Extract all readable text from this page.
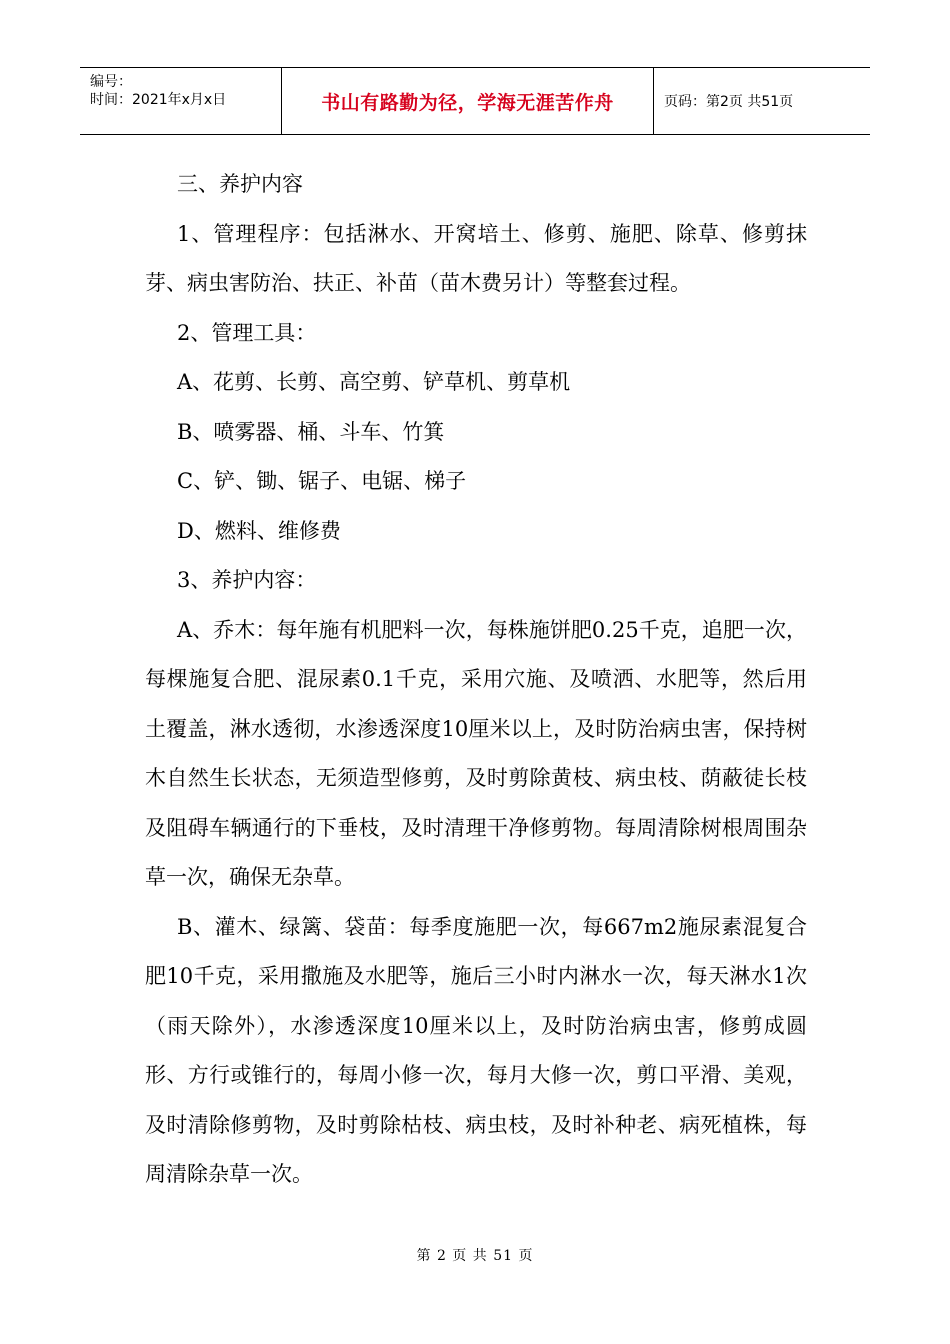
编号：
时间：2021年x月x日	书山有路勤为径，学海无涯苦作舟	页码：第2页 共51页

三、养护内容

1、管理程序：包括淋水、开窝培土、修剪、施肥、除草、修剪抹芽、病虫害防治、扶正、补苗（苗木费另计）等整套过程。

2、管理工具：

A、花剪、长剪、高空剪、铲草机、剪草机

B、喷雾器、桶、斗车、竹箕

C、铲、锄、锯子、电锯、梯子

D、燃料、维修费

3、养护内容：

A、乔木：每年施有机肥料一次，每株施饼肥0.25千克，追肥一次，每棵施复合肥、混尿素0.1千克，采用穴施、及喷洒、水肥等，然后用土覆盖，淋水透彻，水渗透深度10厘米以上，及时防治病虫害，保持树木自然生长状态，无须造型修剪，及时剪除黄枝、病虫枝、荫蔽徒长枝及阻碍车辆通行的下垂枝，及时清理干净修剪物。每周清除树根周围杂草一次，确保无杂草。

B、灌木、绿篱、袋苗：每季度施肥一次，每667m2施尿素混复合肥10千克，采用撒施及水肥等，施后三小时内淋水一次，每天淋水1次（雨天除外），水渗透深度10厘米以上，及时防治病虫害，修剪成圆形、方行或锥行的，每周小修一次，每月大修一次，剪口平滑、美观，及时清除修剪物，及时剪除枯枝、病虫枝，及时补种老、病死植株，每周清除杂草一次。

第 2 页 共 51 页
